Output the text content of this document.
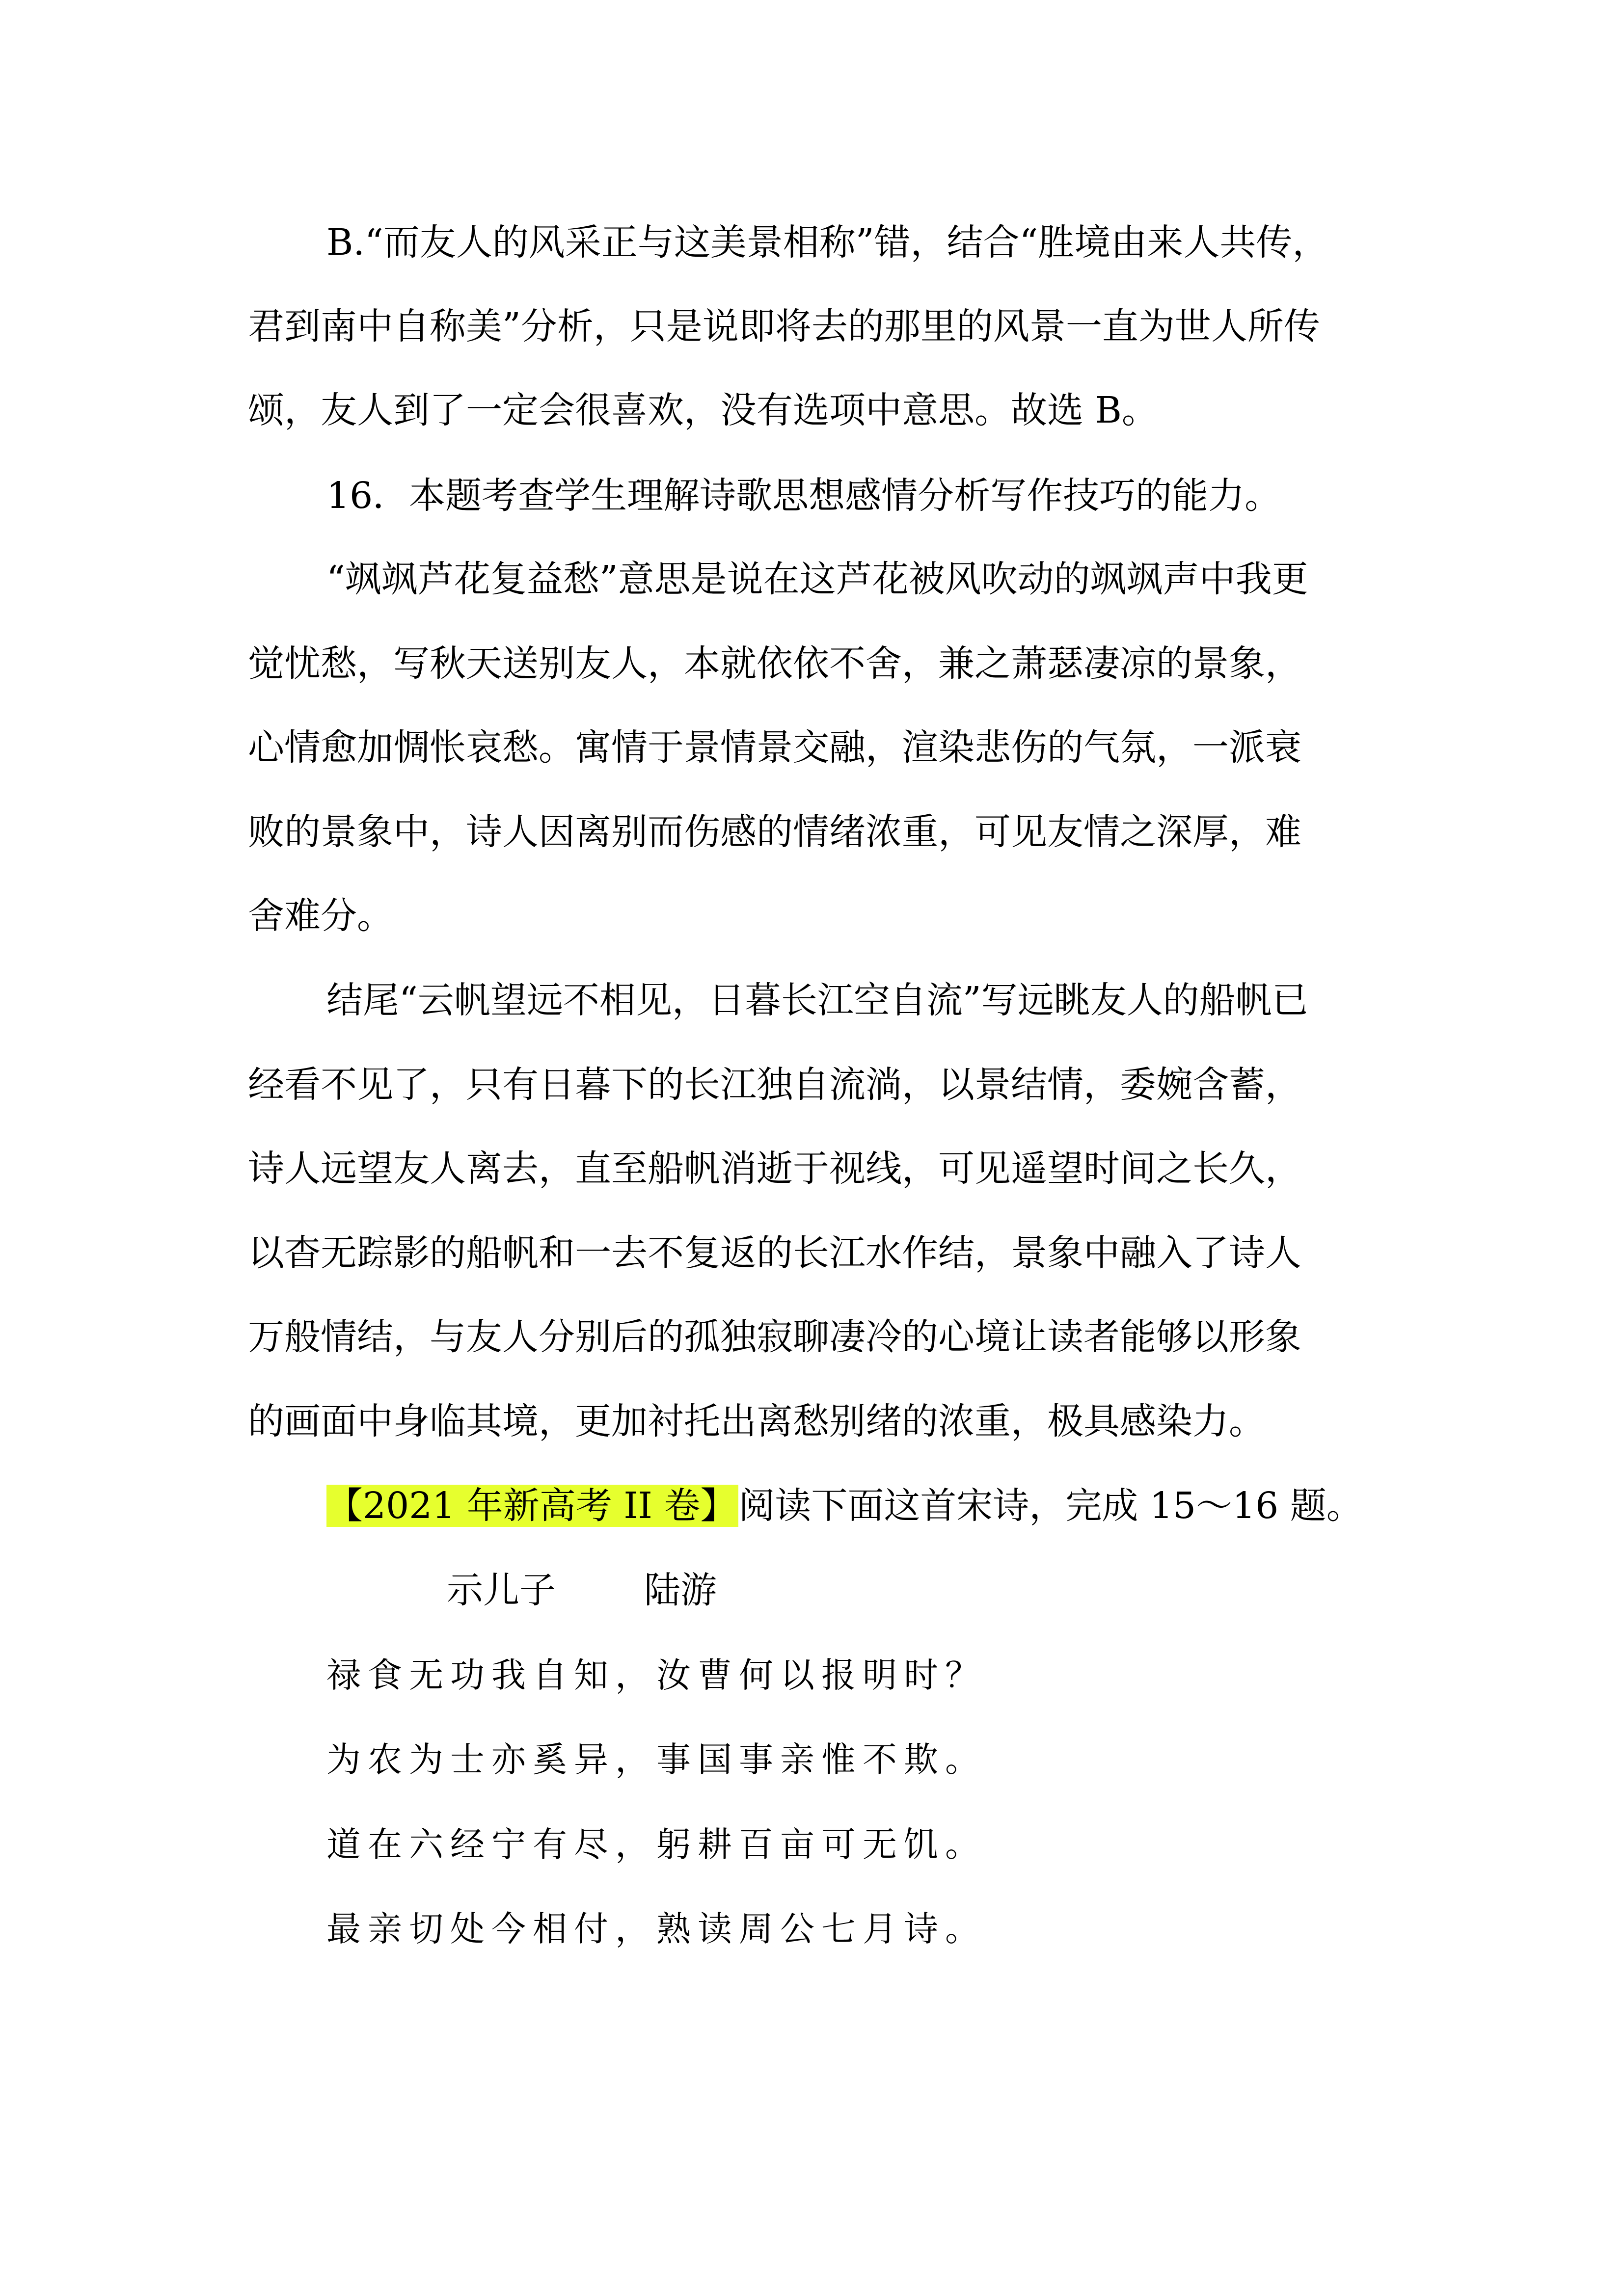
B.“而友人的风采正与这美景相称”错，结合“胜境由来人共传，
君到南中自称美”分析，只是说即将去的那里的风景一直为世人所传
颂，友人到了一定会很喜欢，没有选项中意思。故选 B。
16．本题考查学生理解诗歌思想感情分析写作技巧的能力。
“飒飒芦花复益愁”意思是说在这芦花被风吹动的飒飒声中我更
觉忧愁，写秋天送别友人，本就依依不舍，兼之萧瑟凄凉的景象，
心情愈加惆怅哀愁。寓情于景情景交融，渲染悲伤的气氛，一派衰
败的景象中，诗人因离别而伤感的情绪浓重，可见友情之深厚，难
舍难分。
结尾“云帆望远不相见，日暮长江空自流”写远眺友人的船帆已
经看不见了，只有日暮下的长江独自流淌，以景结情，委婉含蓄，
诗人远望友人离去，直至船帆消逝于视线，可见遥望时间之长久，
以杳无踪影的船帆和一去不复返的长江水作结，景象中融入了诗人
万般情结，与友人分别后的孤独寂聊凄冷的心境让读者能够以形象
的画面中身临其境，更加衬托出离愁别绪的浓重，极具感染力。
【2021 年新高考 II 卷】阅读下面这首宋诗，完成 15～16 题。
示儿子 陆游
禄食无功我自知，汝曹何以报明时？
为农为士亦奚异，事国事亲惟不欺。
道在六经宁有尽，躬耕百亩可无饥。
最亲切处今相付，熟读周公七月诗。
